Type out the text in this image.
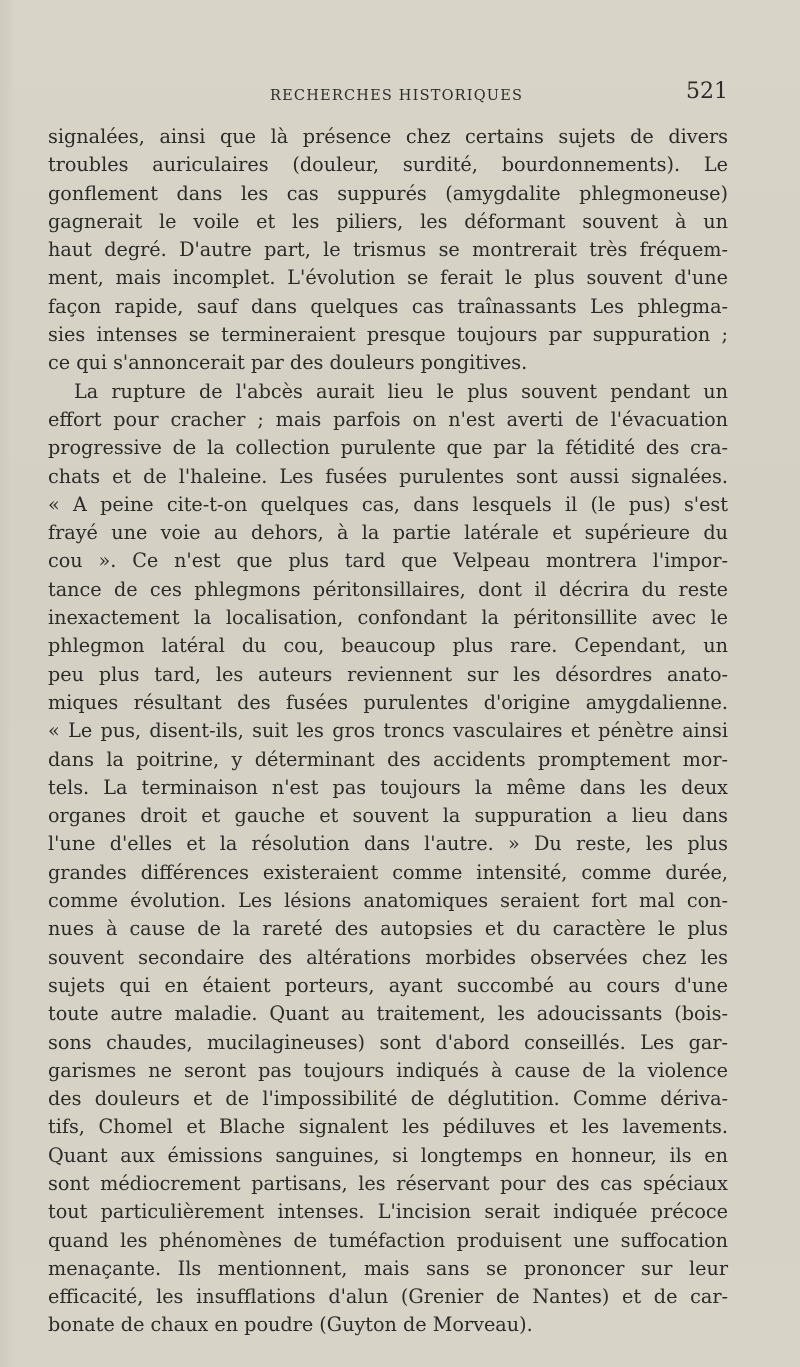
RECHERCHES HISTORIQUES	521
signalées, ainsi que là présence chez certains sujets de divers
troubles auriculaires (douleur, surdité, bourdonnements). Le
gonflement dans les cas suppurés (amygdalite phlegmoneuse)
gagnerait le voile et les piliers, les déformant souvent à un
haut degré. D'autre part, le trismus se montrerait très fréquem-
ment, mais incomplet. L'évolution se ferait le plus souvent d'une
façon rapide, sauf dans quelques cas traînassants Les phlegma-
sies intenses se termineraient presque toujours par suppuration ;
ce qui s'annoncerait par des douleurs pongitives.
La rupture de l'abcès aurait lieu le plus souvent pendant un
effort pour cracher ; mais parfois on n'est averti de l'évacuation
progressive de la collection purulente que par la fétidité des cra-
chats et de l'haleine. Les fusées purulentes sont aussi signalées.
« A peine cite-t-on quelques cas, dans lesquels il (le pus) s'est
frayé une voie au dehors, à la partie latérale et supérieure du
cou ». Ce n'est que plus tard que Velpeau montrera l'impor-
tance de ces phlegmons péritonsillaires, dont il décrira du reste
inexactement la localisation, confondant la péritonsillite avec le
phlegmon latéral du cou, beaucoup plus rare. Cependant, un
peu plus tard, les auteurs reviennent sur les désordres anato-
miques résultant des fusées purulentes d'origine amygdalienne.
« Le pus, disent-ils, suit les gros troncs vasculaires et pénètre ainsi
dans la poitrine, y déterminant des accidents promptement mor-
tels. La terminaison n'est pas toujours la même dans les deux
organes droit et gauche et souvent la suppuration a lieu dans
l'une d'elles et la résolution dans l'autre. » Du reste, les plus
grandes différences existeraient comme intensité, comme durée,
comme évolution. Les lésions anatomiques seraient fort mal con-
nues à cause de la rareté des autopsies et du caractère le plus
souvent secondaire des altérations morbides observées chez les
sujets qui en étaient porteurs, ayant succombé au cours d'une
toute autre maladie. Quant au traitement, les adoucissants (bois-
sons chaudes, mucilagineuses) sont d'abord conseillés. Les gar-
garismes ne seront pas toujours indiqués à cause de la violence
des douleurs et de l'impossibilité de déglutition. Comme dériva-
tifs, Chomel et Blache signalent les pédiluves et les lavements.
Quant aux émissions sanguines, si longtemps en honneur, ils en
sont médiocrement partisans, les réservant pour des cas spéciaux
tout particulièrement intenses. L'incision serait indiquée précoce
quand les phénomènes de tuméfaction produisent une suffocation
menaçante. Ils mentionnent, mais sans se prononcer sur leur
efficacité, les insufflations d'alun (Grenier de Nantes) et de car-
bonate de chaux en poudre (Guyton de Morveau).
